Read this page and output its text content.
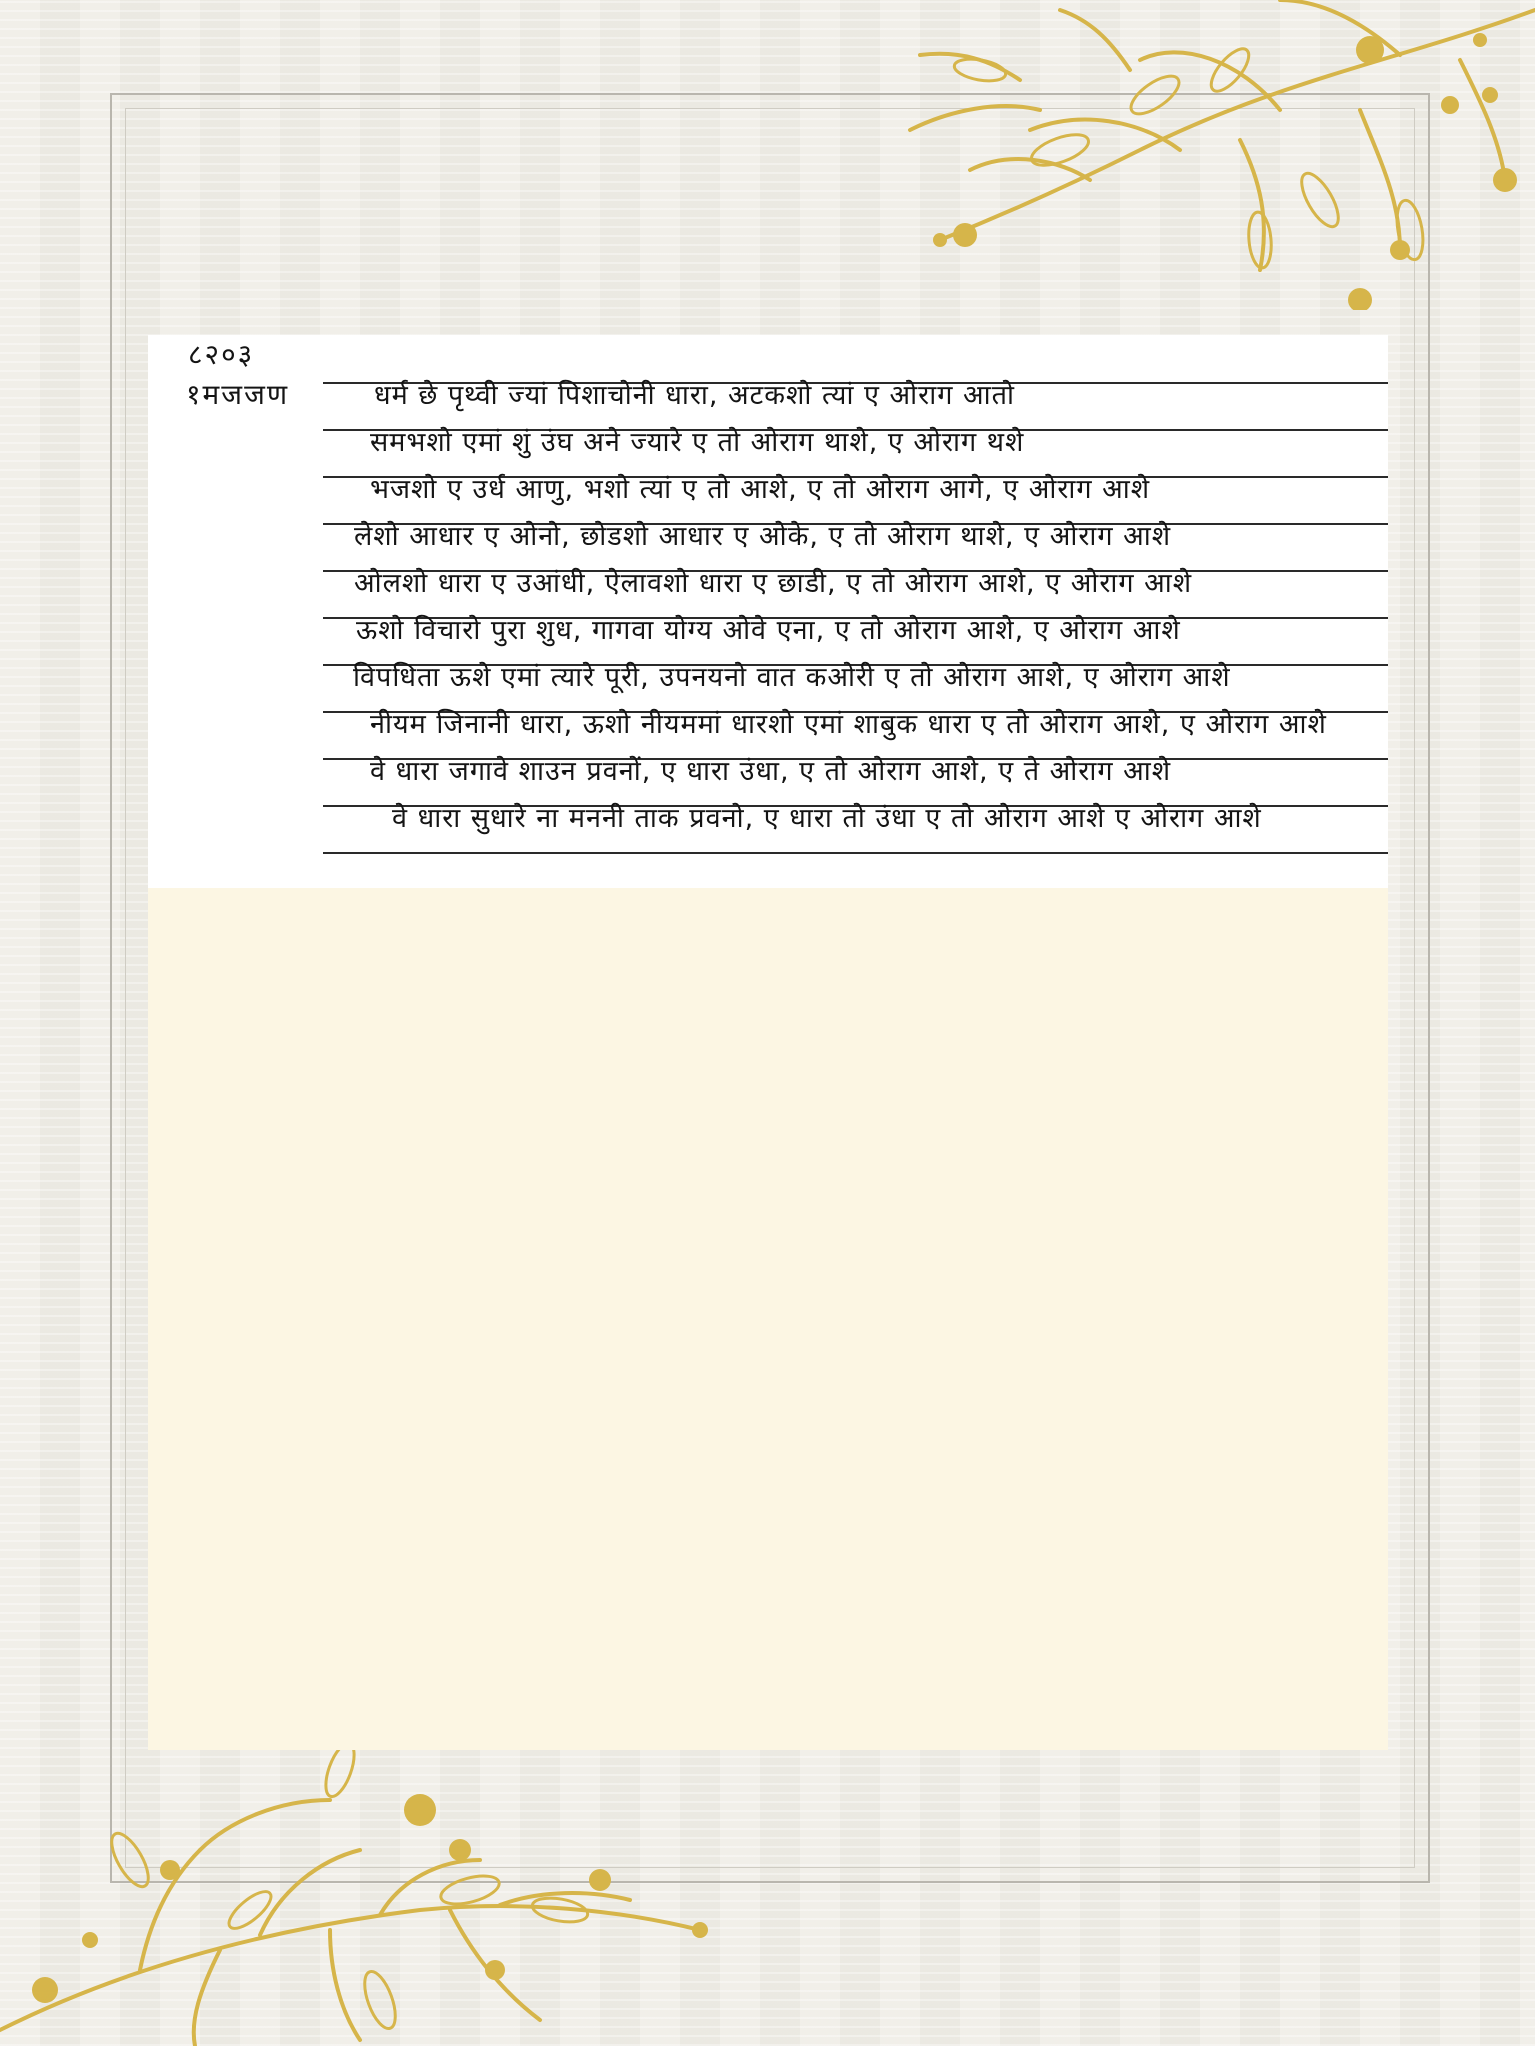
८२०३
१मजजण	धर्म छे पृथ्वी ज्यां पिशाचोनी धारा, अटकशो त्यां ए ओराग आतो
समभशो एमां शुं उंघ अने ज्यारे ए तो ओराग थाशे, ए ओराग थशे
भजशो ए उर्ध आणु, भशो त्यां ए तो आशे, ए तो ओराग आगे, ए ओराग आशे
लेशो आधार ए ओनो, छोडशो आधार ए ओके, ए तो ओराग थाशे, ए ओराग आशे
ओलशो धारा ए उआंधी, ऐलावशो धारा ए छाडी, ए तो ओराग आशे, ए ओराग आशे
ऊशो विचारो पुरा शुध, गागवा योग्य ओवे एना, ए तो ओराग आशे, ए ओराग आशे
विपधिता ऊशे एमां त्यारे पूरी, उपनयनो वात कओरी ए तो ओराग आशे, ए ओराग आशे
नीयम जिनानी धारा, ऊशो नीयममां धारशो एमां शाबुक धारा ए तो ओराग आशे, ए ओराग आशे
वे धारा जगावे शाउन प्रवनों, ए धारा उंधा, ए तो ओराग आशे, ए ते ओराग आशे
वे धारा सुधारे ना मननी ताक प्रवनो, ए धारा तो उंधा ए तो ओराग आशे ए ओराग आशे
